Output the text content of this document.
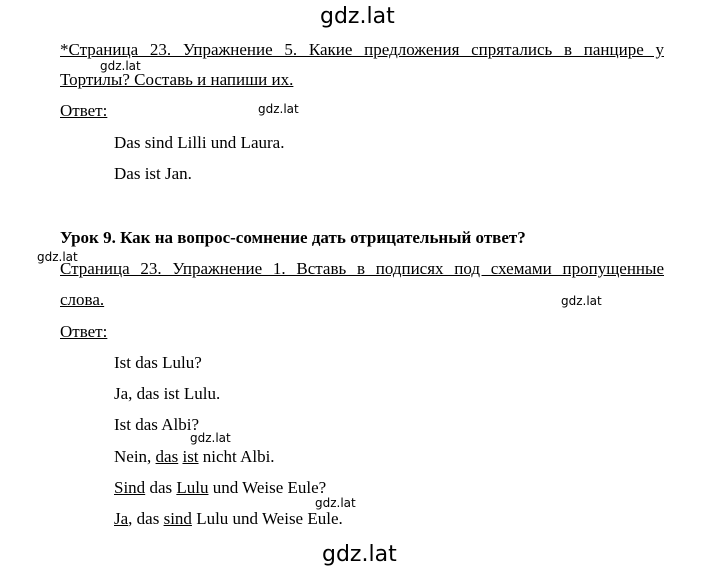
gdz.lat
gdz.lat
gdz.lat
gdz.lat
gdz.lat
gdz.lat
gdz.lat
gdz.lat
*Страница 23. Упражнение 5. Какие предложения спрятались в панцире у
Тортилы? Составь и напиши их.
Ответ:
Das sind Lilli und Laura.
Das ist Jan.
Урок 9. Как на вопрос-сомнение дать отрицательный ответ?
Страница 23. Упражнение 1. Вставь в подписях под схемами пропущенные
слова.
Ответ:
Ist das Lulu?
Ja, das ist Lulu.
Ist das Albi?
Nein, das ist nicht Albi.
Sind das Lulu und Weise Eule?
Ja, das sind Lulu und Weise Eule.
